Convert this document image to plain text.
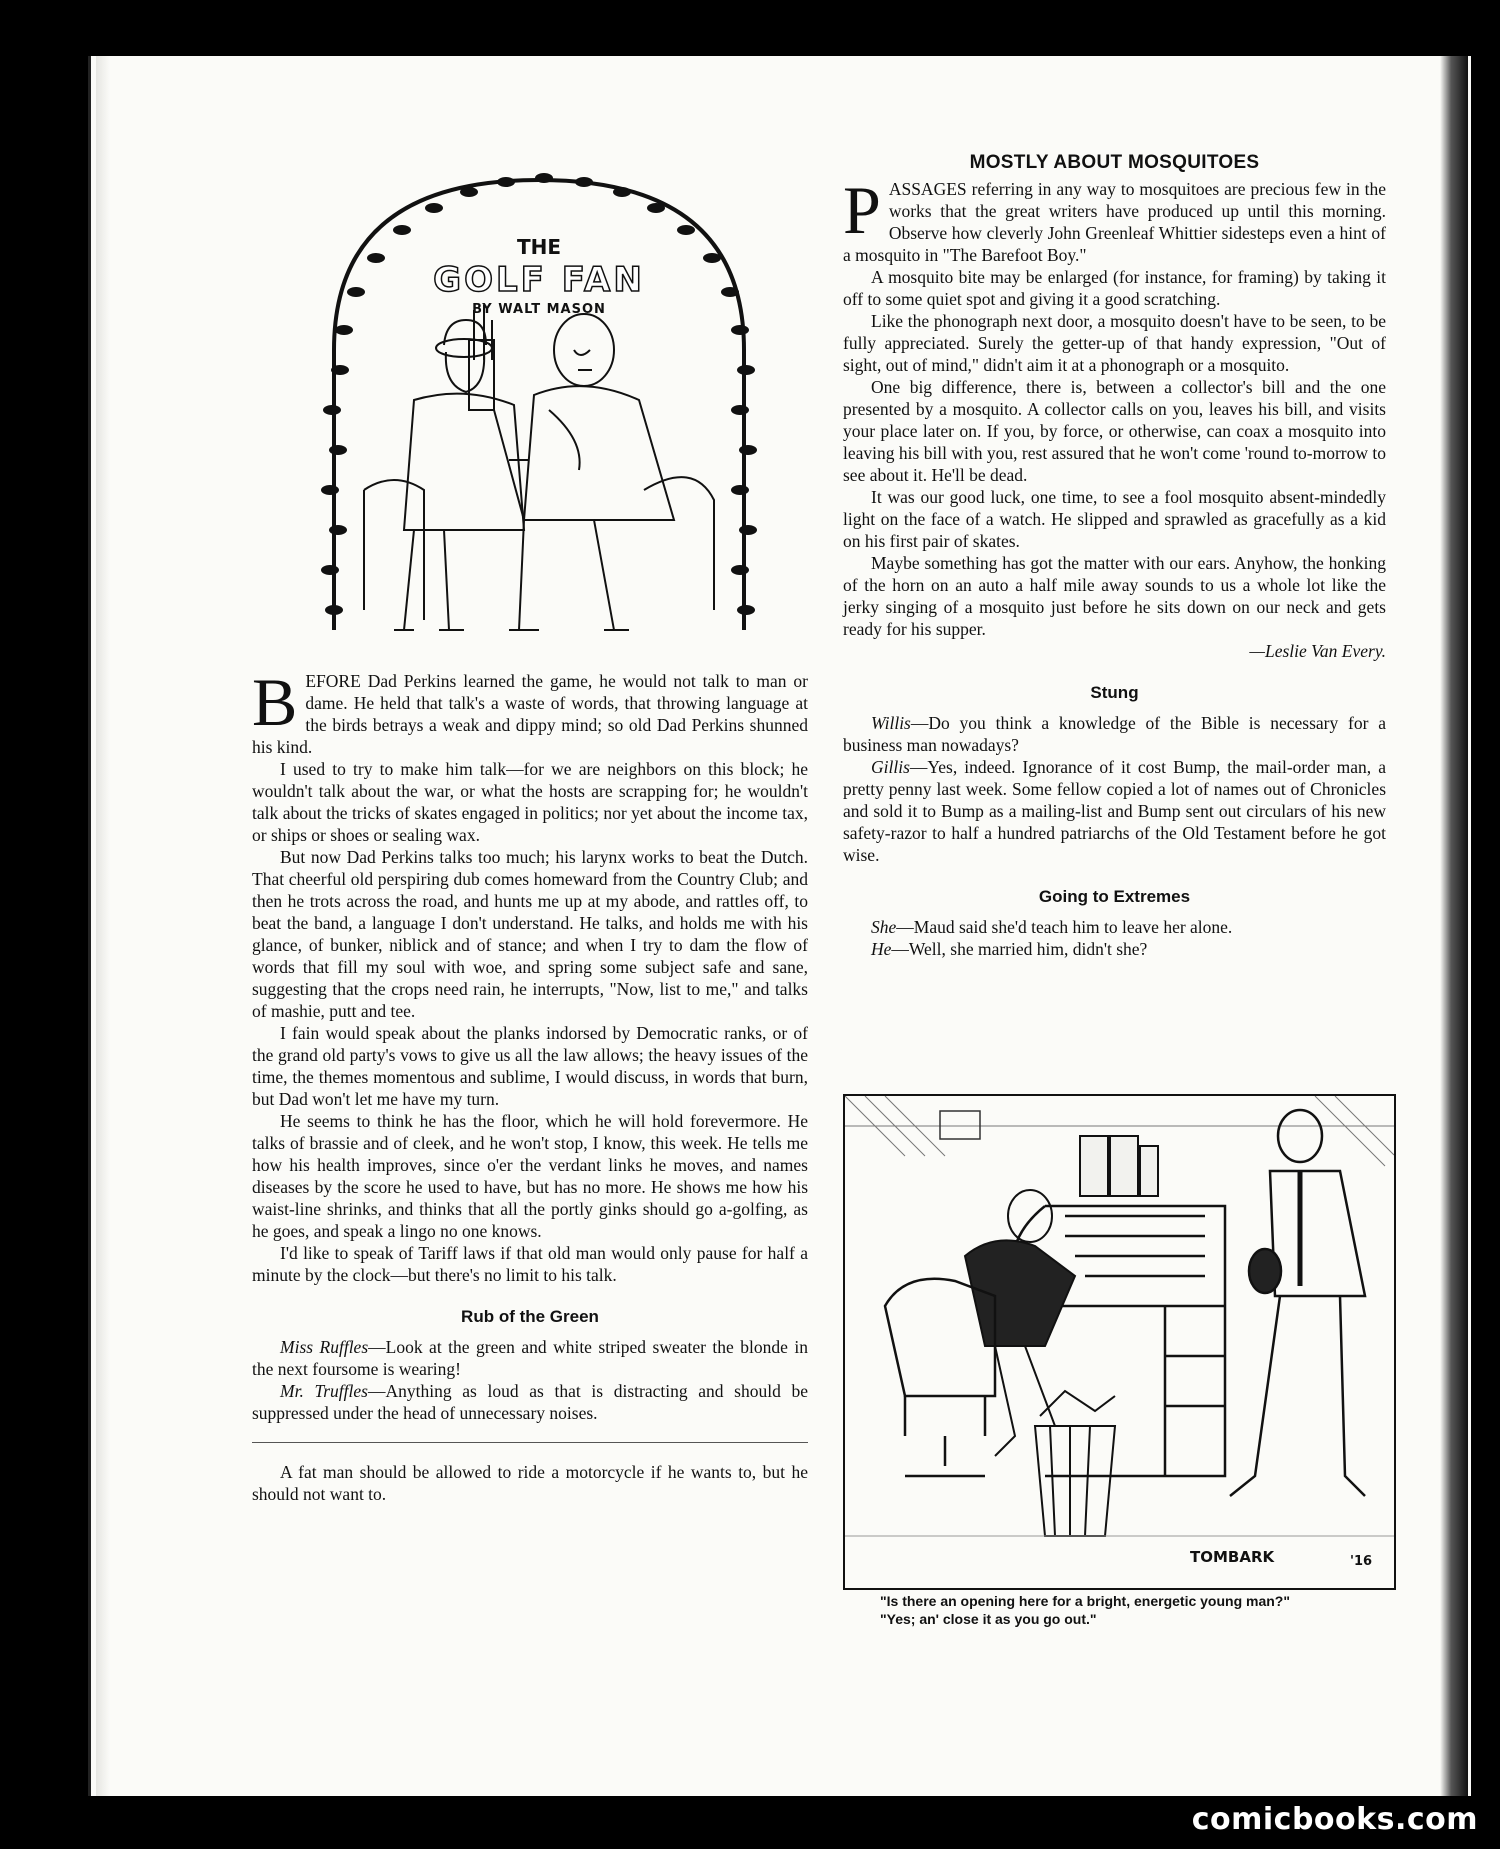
THE
GOLF FAN
BY WALT MASON

BEFORE Dad Perkins learned the game, he would not talk to man or dame. He held that talk's a waste of words, that throwing language at the birds betrays a weak and dippy mind; so old Dad Perkins shunned his kind.

I used to try to make him talk—for we are neighbors on this block; he wouldn't talk about the war, or what the hosts are scrapping for; he wouldn't talk about the tricks of skates engaged in politics; nor yet about the income tax, or ships or shoes or sealing wax.

But now Dad Perkins talks too much; his larynx works to beat the Dutch. That cheerful old perspiring dub comes homeward from the Country Club; and then he trots across the road, and hunts me up at my abode, and rattles off, to beat the band, a language I don't understand. He talks, and holds me with his glance, of bunker, niblick and of stance; and when I try to dam the flow of words that fill my soul with woe, and spring some subject safe and sane, suggesting that the crops need rain, he interrupts, "Now, list to me," and talks of mashie, putt and tee.

I fain would speak about the planks indorsed by Democratic ranks, or of the grand old party's vows to give us all the law allows; the heavy issues of the time, the themes momentous and sublime, I would discuss, in words that burn, but Dad won't let me have my turn.

He seems to think he has the floor, which he will hold forevermore. He talks of brassie and of cleek, and he won't stop, I know, this week. He tells me how his health improves, since o'er the verdant links he moves, and names diseases by the score he used to have, but has no more. He shows me how his waist-line shrinks, and thinks that all the portly ginks should go a-golfing, as he goes, and speak a lingo no one knows.

I'd like to speak of Tariff laws if that old man would only pause for half a minute by the clock—but there's no limit to his talk.

Rub of the Green

Miss Ruffles—Look at the green and white striped sweater the blonde in the next foursome is wearing!

Mr. Truffles—Anything as loud as that is distracting and should be suppressed under the head of unnecessary noises.

A fat man should be allowed to ride a motorcycle if he wants to, but he should not want to.

MOSTLY ABOUT MOSQUITOES

PASSAGES referring in any way to mosquitoes are precious few in the works that the great writers have produced up until this morning. Observe how cleverly John Greenleaf Whittier sidesteps even a hint of a mosquito in "The Barefoot Boy."

A mosquito bite may be enlarged (for instance, for framing) by taking it off to some quiet spot and giving it a good scratching.

Like the phonograph next door, a mosquito doesn't have to be seen, to be fully appreciated. Surely the getter-up of that handy expression, "Out of sight, out of mind," didn't aim it at a phonograph or a mosquito.

One big difference, there is, between a collector's bill and the one presented by a mosquito. A collector calls on you, leaves his bill, and visits your place later on. If you, by force, or otherwise, can coax a mosquito into leaving his bill with you, rest assured that he won't come 'round to-morrow to see about it. He'll be dead.

It was our good luck, one time, to see a fool mosquito absent-mindedly light on the face of a watch. He slipped and sprawled as gracefully as a kid on his first pair of skates.

Maybe something has got the matter with our ears. Anyhow, the honking of the horn on an auto a half mile away sounds to us a whole lot like the jerky singing of a mosquito just before he sits down on our neck and gets ready for his supper.

—Leslie Van Every.
Stung

Willis—Do you think a knowledge of the Bible is necessary for a business man nowadays?

Gillis—Yes, indeed. Ignorance of it cost Bump, the mail-order man, a pretty penny last week. Some fellow copied a lot of names out of Chronicles and sold it to Bump as a mailing-list and Bump sent out circulars of his new safety-razor to half a hundred patriarchs of the Old Testament before he got wise.

Going to Extremes

She—Maud said she'd teach him to leave her alone.

He—Well, she married him, didn't she?

TOMBARK	'16
"Is there an opening here for a bright, energetic young man?"
"Yes; an' close it as you go out."
comicbooks.com
